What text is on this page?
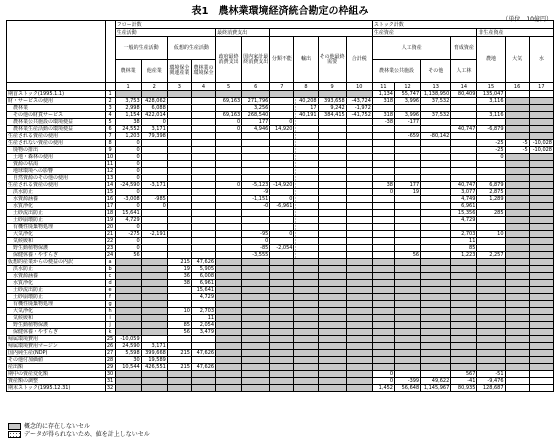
表1　農林業環境経済統合勘定の枠組み
（単位　10億円）
		フロー計数										ストック計数						
		生産活動				最終消費支出						生産資産				非生産資産		
		一般的生産活動		仮想的生産活動		政府最終消費支出	国内家計最終消費支出	分類不能	輸出	その他最終需要	合計税	人工資産			育成資産	農地	大気	水
		農林業	他産業	環境保全関連産業	農林業の環境保全							農林業公共施設		その他	人工林			
		1	2	3	4	5	6	7	8	9	10	11	12	13	14	15	16	17
期首ストック(1995.1.1)	1											1,134	55,747	1,138,950	80,409	135,047		
財・サービスの使用	2	3,753	428,062			69,163	271,796		40,208	393,658	-43,724	318	3,996	37,532		3,116		
　農林業	3	2,998	6,088				3,256		17	9,242	-1,972							
　その他の財貨サービス	4	1,154	422,014			69,163	268,540		40,191	384,415	-41,752	318	3,996	37,532		3,116		
　農林業公共施設の環境便益	5	38	0			0	177	0				-38	-177					
　農林業生産活動の環境便益	6	24,552	3,171			0	4,946	14,920							40,747	-6,879		
生産される資産の使用	7	1,203	79,398										-659	-80,142				
生産されない資産の使用	8	0														-25	-5	-10,028
　廃物の排出	9	0														-25	-5	-10,028
　土地・森林の使用	10	0														0		
　資源の枯渇	11	0																
　地球環境への影響	12	0																
　自然資源のその他の使用	13	0																
生産される資産の使用	14	-24,590	-3,171			0	-5,123	-14,920				38	177		40,747	6,879		
　洪水防止	15	0					-9					0	19		3,077	2,875		
　水資源涵養	16	-3,008	-985				-1,151	0							4,749	1,289		
　水質浄化	17	0	0				-0	-6,961							6,961			
　土砂流出防止	18	15,641													15,356	285		
　土砂崩壊防止	19	4,729													4,729			
　有機性廃棄物処理	20	0																
　大気浄化	21	-275	-2,191				-95	0							2,703	10		
　気候緩和	22	0					0								11			
　野生動植物保護	23	0					-85	-2,054							85			
　保健休養・やすらぎ	24	56					-3,555						56		1,223	2,257		
仮想的産業からの便益の内訳	a			215	47,626													
　洪水防止	b			19	5,905													
　水資源涵養	c			36	6,008													
　水質浄化	d			38	6,961													
　土砂流出防止	e				15,641													
　土砂崩壊防止	f				4,729													
　有機性廃棄物処理	g																	
　大気浄化	h			10	2,703													
　気候緩和	i				11													
　野生動植物保護	j			85	2,054													
　保健休養・やすらぎ	k			56	3,479													
帰属環境費用	25	-10,059																
帰属環境費用マージン	26	24,590	3,171															
国内純生産(NDP)	27	5,598	399,668	215	47,626													
その他付加価値	28	30	19,589															
産出額	29	10,544	426,551	215	47,626													
期中の資産変化額	30											0			567	-51		
資産額の調整	31											0	-399	49,622	-41	-9,476		
期末ストック(1995.12.31)	32											1,452	56,648	1,145,967	80,935	128,687		
概念的に存在しないセル
データが得られないため、値を計上しないセル
